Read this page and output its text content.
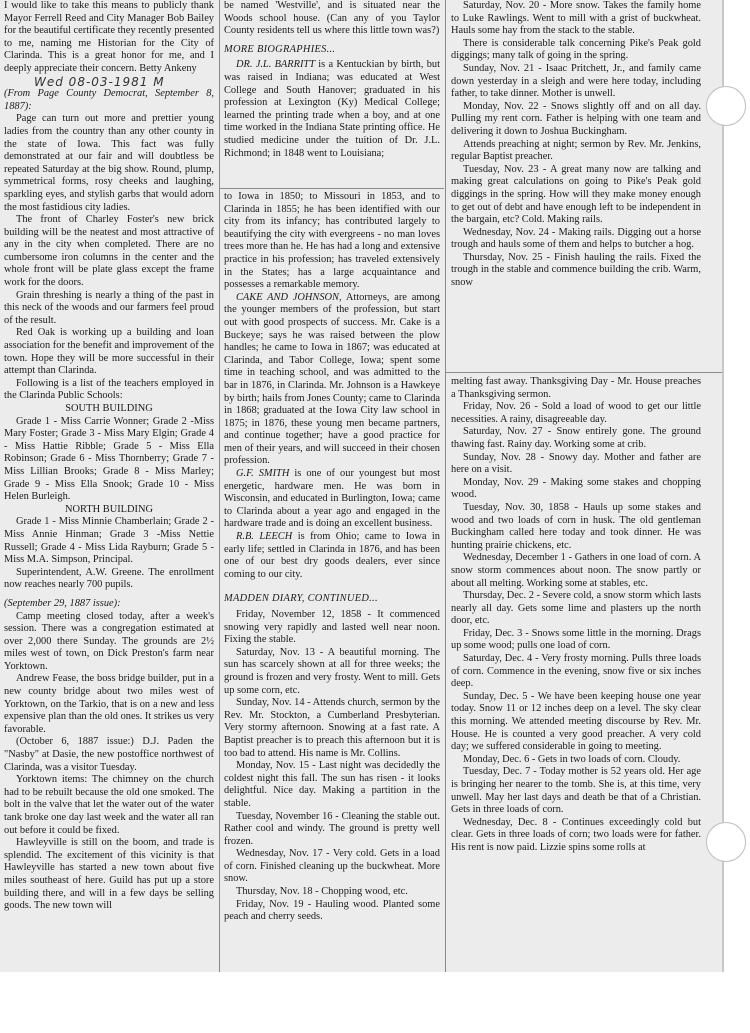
I would like to take this means to publicly thank Mayor Ferrell Reed and City Manager Bob Bailey for the beautiful certificate they recently presented to me, naming me Historian for the City of Clarinda. This is a great honor for me, and I deeply appreciate their concern. Betty Ankeny

Wed 08-03-1981 M

(From Page County Democrat, September 8, 1887):

Page can turn out more and prettier young ladies from the country than any other county in the state of Iowa. This fact was fully demonstrated at our fair and will doubtless be repeated Saturday at the big show. Round, plump, symmetrical forms, rosy cheeks and laughing, sparkling eyes, and stylish garbs that would adorn the most fastidious city ladies.

The front of Charley Foster's new brick building will be the neatest and most attractive of any in the city when completed. There are no cumbersome iron columns in the center and the whole front will be plate glass except the frame work for the doors.

Grain threshing is nearly a thing of the past in this neck of the woods and our farmers feel proud of the result.

Red Oak is working up a building and loan association for the benefit and improvement of the town. Hope they will be more successful in their attempt than Clarinda.

Following is a list of the teachers employed in the Clarinda Public Schools:

SOUTH BUILDING

Grade 1 - Miss Carrie Wonner; Grade 2 -Miss Mary Foster; Grade 3 - Miss Mary Elgin; Grade 4 - Miss Hattie Ribble; Grade 5 - Miss Ella Robinson; Grade 6 - Miss Thornberry; Grade 7 - Miss Lillian Brooks; Grade 8 - Miss Marley; Grade 9 - Miss Ella Snook; Grade 10 - Miss Helen Burleigh.

NORTH BUILDING

Grade 1 - Miss Minnie Chamberlain; Grade 2 - Miss Annie Hinman; Grade 3 -Miss Nettie Russell; Grade 4 - Miss Lida Rayburn; Grade 5 - Miss M.A. Simpson, Principal.

Superintendent, A.W. Greene. The enrollment now reaches nearly 700 pupils.

(September 29, 1887 issue):

Camp meeting closed today, after a week's session. There was a congregation estimated at over 2,000 there Sunday. The grounds are 2½ miles west of town, on Dick Preston's farm near Yorktown.

Andrew Fease, the boss bridge builder, put in a new county bridge about two miles west of Yorktown, on the Tarkio, that is on a new and less expensive plan than the old ones. It strikes us very favorable.

(October 6, 1887 issue:) D.J. Paden the "Nasby" at Dasie, the new postoffice northwest of Clarinda, was a visitor Tuesday.

Yorktown items: The chimney on the church had to be rebuilt because the old one smoked. The bolt in the valve that let the water out of the water tank broke one day last week and the water all ran out before it could be fixed.

Hawleyville is still on the boom, and trade is splendid. The excitement of this vicinity is that Hawleyville has started a new town about five miles southeast of here. Guild has put up a store building there, and will in a few days be selling goods. The new town will

be named 'Westville', and is situated near the Woods school house. (Can any of you Taylor County residents tell us where this little town was?)

MORE BIOGRAPHIES...

DR. J.L. BARRITT is a Kentuckian by birth, but was raised in Indiana; was educated at West College and South Hanover; graduated in his profession at Lexington (Ky) Medical College; learned the printing trade when a boy, and at one time worked in the Indiana State printing office. He studied medicine under the tuition of Dr. J.L. Richmond; in 1848 went to Louisiana;

to Iowa in 1850; to Missouri in 1853, and to Clarinda in 1855; he has been identified with our city from its infancy; has contributed largely to beautifying the city with evergreens - no man loves trees more than he. He has had a long and extensive practice in his profession; has traveled extensively in the States; has a large acquaintance and possesses a remarkable memory.

CAKE AND JOHNSON, Attorneys, are among the younger members of the profession, but start out with good prospects of success. Mr. Cake is a Buckeye; says he was raised between the plow handles; he came to Iowa in 1867; was educated at Clarinda, and Tabor College, Iowa; spent some time in teaching school, and was admitted to the bar in 1876, in Clarinda. Mr. Johnson is a Hawkeye by birth; hails from Jones County; came to Clarinda in 1868; graduated at the Iowa City law school in 1875; in 1876, these young men became partners, and continue together; have a good practice for men of their years, and will succeed in their chosen profession.

G.F. SMITH is one of our youngest but most energetic, hardware men. He was born in Wisconsin, and educated in Burlington, Iowa; came to Clarinda about a year ago and engaged in the hardware trade and is doing an excellent business.

R.B. LEECH is from Ohio; came to Iowa in early life; settled in Clarinda in 1876, and has been one of our best dry goods dealers, ever since coming to our city.

MADDEN DIARY, CONTINUED...

Friday, November 12, 1858 - It commenced snowing very rapidly and lasted well near noon. Fixing the stable.

Saturday, Nov. 13 - A beautiful morning. The sun has scarcely shown at all for three weeks; the ground is frozen and very frosty. Went to mill. Gets up some corn, etc.

Sunday, Nov. 14 - Attends church, sermon by the Rev. Mr. Stockton, a Cumberland Presbyterian. Very stormy afternoon. Snowing at a fast rate. A Baptist preacher is to preach this afternoon but it is too bad to attend. His name is Mr. Collins.

Monday, Nov. 15 - Last night was decidedly the coldest night this fall. The sun has risen - it looks delightful. Nice day. Making a partition in the stable.

Tuesday, November 16 - Cleaning the stable out. Rather cool and windy. The ground is pretty well frozen.

Wednesday, Nov. 17 - Very cold. Gets in a load of corn. Finished cleaning up the buckwheat. More snow.

Thursday, Nov. 18 - Chopping wood, etc.

Friday, Nov. 19 - Hauling wood. Planted some peach and cherry seeds.

Saturday, Nov. 20 - More snow. Takes the family home to Luke Rawlings. Went to mill with a grist of buckwheat. Hauls some hay from the stack to the stable.

There is considerable talk concerning Pike's Peak gold diggings; many talk of going in the spring.

Sunday, Nov. 21 - Isaac Pritchett, Jr., and family came down yesterday in a sleigh and were here today, including father, to take dinner. Mother is unwell.

Monday, Nov. 22 - Snows slightly off and on all day. Pulling my rent corn. Father is helping with one team and delivering it down to Joshua Buckingham.

Attends preaching at night; sermon by Rev. Mr. Jenkins, regular Baptist preacher.

Tuesday, Nov. 23 - A great many now are talking and making great calculations on going to Pike's Peak gold diggings in the spring. How will they make money enough to get out of debt and have enough left to be independent in the bargain, etc? Cold. Making rails.

Wednesday, Nov. 24 - Making rails. Digging out a horse trough and hauls some of them and helps to butcher a hog.

Thursday, Nov. 25 - Finish hauling the rails. Fixed the trough in the stable and commence building the crib. Warm, snow

melting fast away. Thanksgiving Day - Mr. House preaches a Thanksgiving sermon.

Friday, Nov. 26 - Sold a load of wood to get our little necessities. A rainy, disagreeable day.

Saturday, Nov. 27 - Snow entirely gone. The ground thawing fast. Rainy day. Working some at crib.

Sunday, Nov. 28 - Snowy day. Mother and father are here on a visit.

Monday, Nov. 29 - Making some stakes and chopping wood.

Tuesday, Nov. 30, 1858 - Hauls up some stakes and wood and two loads of corn in husk. The old gentleman Buckingham called here today and took dinner. He was hunting prairie chickens, etc.

Wednesday, December 1 - Gathers in one load of corn. A snow storm commences about noon. The snow partly or about all melting. Working some at stables, etc.

Thursday, Dec. 2 - Severe cold, a snow storm which lasts nearly all day. Gets some lime and plasters up the north door, etc.

Friday, Dec. 3 - Snows some little in the morning. Drags up some wood; pulls one load of corn.

Saturday, Dec. 4 - Very frosty morning. Pulls three loads of corn. Commence in the evening, snow five or six inches deep.

Sunday, Dec. 5 - We have been keeping house one year today. Snow 11 or 12 inches deep on a level. The sky clear this morning. We attended meeting discourse by Rev. Mr. House. He is counted a very good preacher. A very cold day; we suffered considerable in going to meeting.

Monday, Dec. 6 - Gets in two loads of corn. Cloudy.

Tuesday, Dec. 7 - Today mother is 52 years old. Her age is bringing her nearer to the tomb. She is, at this time, very unwell. May her last days and death be that of a Christian. Gets in three loads of corn.

Wednesday, Dec. 8 - Continues exceedingly cold but clear. Gets in three loads of corn; two loads were for father. His rent is now paid. Lizzie spins some rolls at
